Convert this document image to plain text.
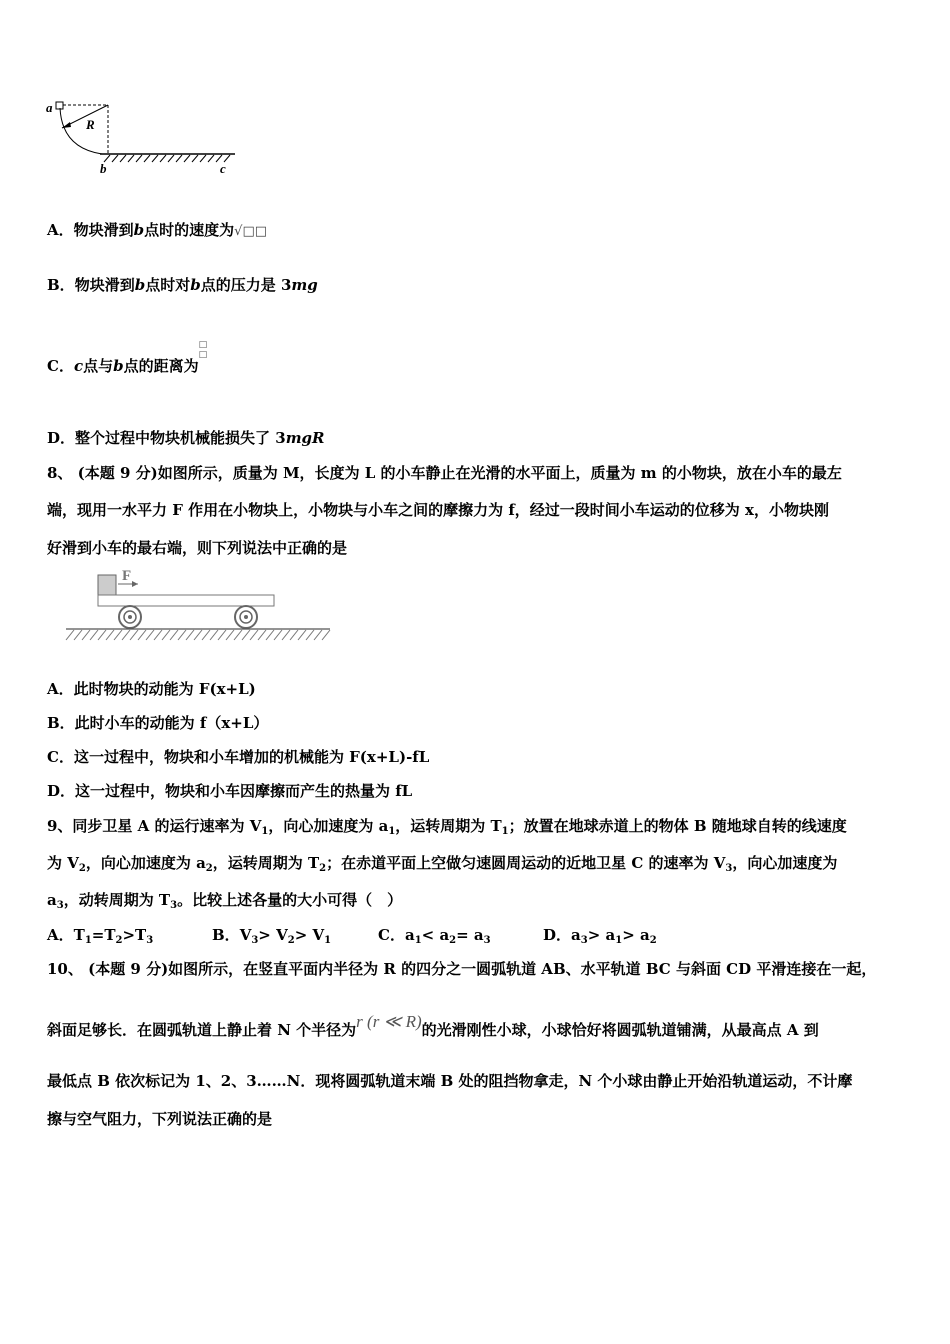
a
R
b	c
A．物块滑到b点时的速度为√□□
B．物块滑到b点时对b点的压力是 3mg
C．c点与b点的距离为□
□
D．整个过程中物块机械能损失了 3mgR
8、 (本题 9 分)如图所示，质量为 M，长度为 L 的小车静止在光滑的水平面上，质量为 m 的小物块，放在小车的最左
端，现用一水平力 F 作用在小物块上，小物块与小车之间的摩擦力为 f，经过一段时间小车运动的位移为 x，小物块刚
好滑到小车的最右端，则下列说法中正确的是
F
A．此时物块的动能为 F(x+L)
B．此时小车的动能为 f（x+L）
C．这一过程中，物块和小车增加的机械能为 F(x+L)-fL
D．这一过程中，物块和小车因摩擦而产生的热量为 fL
9、同步卫星 A 的运行速率为 $V_1$，向心加速度为 $a_1$，运转周期为 $T_1$；放置在地球赤道上的物体 B 随地球自转的线速度
为 $V_2$，向心加速度为 $a_2$，运转周期为 $T_2$；在赤道平面上空做匀速圆周运动的近地卫星 C 的速率为 $V_3$，向心加速度为
$a_3$，动转周期为 $T_3$。比较上述各量的大小可得（　）
A．$T_1=T_2>T_3$	B．$V_3> V_2> V_1$	C．$a_1< a_2= a_3$	D．$a_3> a_1> a_2$
10、 (本题 9 分)如图所示，在竖直平面内半径为 R 的四分之一圆弧轨道 AB、水平轨道 BC 与斜面 CD 平滑连接在一起，
斜面足够长．在圆弧轨道上静止着 N 个半径为r (r ≪ R)的光滑刚性小球，小球恰好将圆弧轨道铺满，从最高点 A 到
最低点 B 依次标记为 1、2、3……N．现将圆弧轨道末端 B 处的阻挡物拿走，N 个小球由静止开始沿轨道运动，不计摩
擦与空气阻力，下列说法正确的是
